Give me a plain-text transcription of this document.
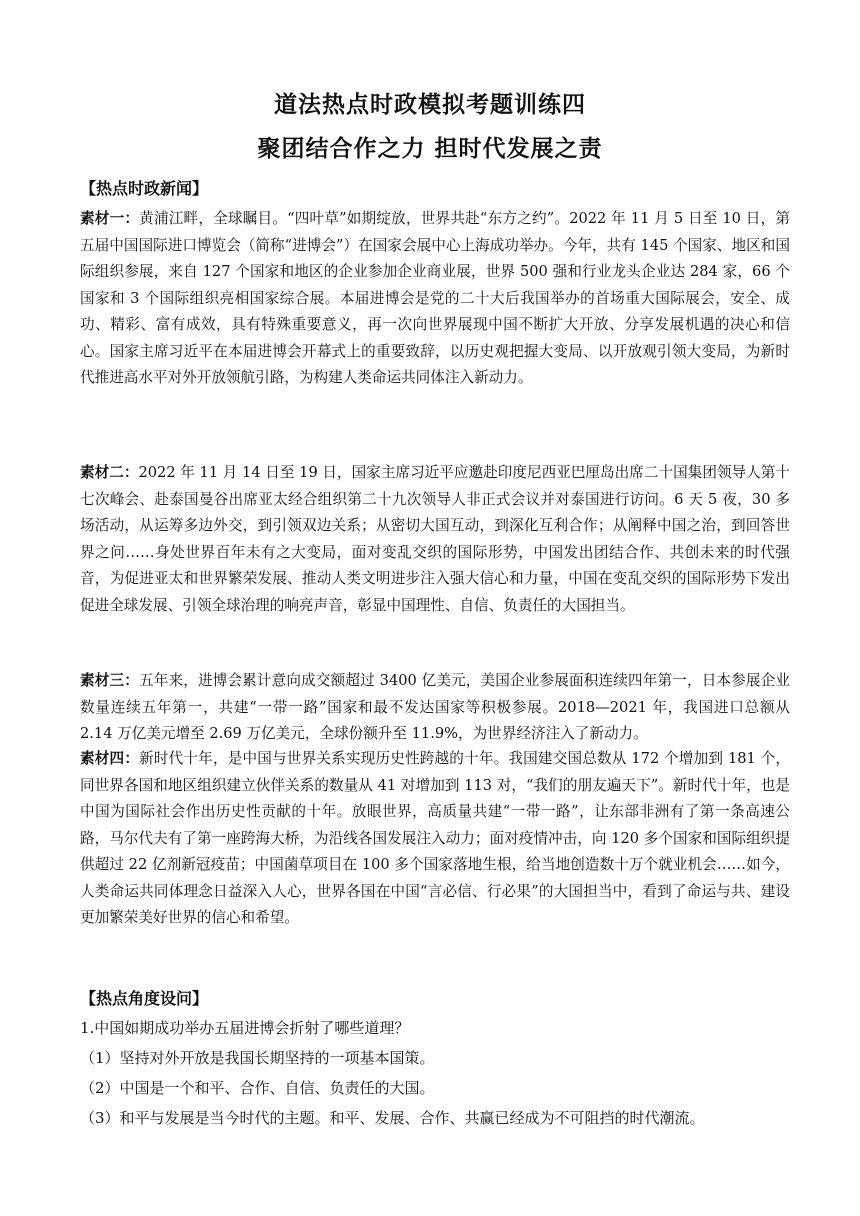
道法热点时政模拟考题训练四
聚团结合作之力 担时代发展之责
【热点时政新闻】
素材一：黄浦江畔，全球瞩目。“四叶草”如期绽放，世界共赴“东方之约”。2022 年 11 月 5 日至 10 日，第五届中国国际进口博览会（简称“进博会”）在国家会展中心上海成功举办。今年，共有 145 个国家、地区和国际组织参展，来自 127 个国家和地区的企业参加企业商业展，世界 500 强和行业龙头企业达 284 家，66 个国家和 3 个国际组织亮相国家综合展。本届进博会是党的二十大后我国举办的首场重大国际展会，安全、成功、精彩、富有成效，具有特殊重要意义，再一次向世界展现中国不断扩大开放、分享发展机遇的决心和信心。国家主席习近平在本届进博会开幕式上的重要致辞，以历史观把握大变局、以开放观引领大变局，为新时代推进高水平对外开放领航引路，为构建人类命运共同体注入新动力。
素材二：2022 年 11 月 14 日至 19 日，国家主席习近平应邀赴印度尼西亚巴厘岛出席二十国集团领导人第十七次峰会、赴泰国曼谷出席亚太经合组织第二十九次领导人非正式会议并对泰国进行访问。6 天 5 夜，30 多场活动，从运筹多边外交，到引领双边关系；从密切大国互动，到深化互利合作；从阐释中国之治，到回答世界之问……身处世界百年未有之大变局，面对变乱交织的国际形势，中国发出团结合作、共创未来的时代强音，为促进亚太和世界繁荣发展、推动人类文明进步注入强大信心和力量，中国在变乱交织的国际形势下发出促进全球发展、引领全球治理的响亮声音，彰显中国理性、自信、负责任的大国担当。
素材三：五年来，进博会累计意向成交额超过 3400 亿美元，美国企业参展面积连续四年第一，日本参展企业数量连续五年第一，共建“一带一路”国家和最不发达国家等积极参展。2018—2021 年，我国进口总额从 2.14 万亿美元增至 2.69 万亿美元，全球份额升至 11.9%，为世界经济注入了新动力。
素材四：新时代十年，是中国与世界关系实现历史性跨越的十年。我国建交国总数从 172 个增加到 181 个，同世界各国和地区组织建立伙伴关系的数量从 41 对增加到 113 对，“我们的朋友遍天下”。新时代十年，也是中国为国际社会作出历史性贡献的十年。放眼世界，高质量共建“一带一路”，让东部非洲有了第一条高速公路，马尔代夫有了第一座跨海大桥，为沿线各国发展注入动力；面对疫情冲击，向 120 多个国家和国际组织提供超过 22 亿剂新冠疫苗；中国菌草项目在 100 多个国家落地生根，给当地创造数十万个就业机会……如今，人类命运共同体理念日益深入人心，世界各国在中国“言必信、行必果”的大国担当中，看到了命运与共、建设更加繁荣美好世界的信心和希望。
【热点角度设问】
1.中国如期成功举办五届进博会折射了哪些道理？
（1）坚持对外开放是我国长期坚持的一项基本国策。
（2）中国是一个和平、合作、自信、负责任的大国。
（3）和平与发展是当今时代的主题。和平、发展、合作、共赢已经成为不可阻挡的时代潮流。
